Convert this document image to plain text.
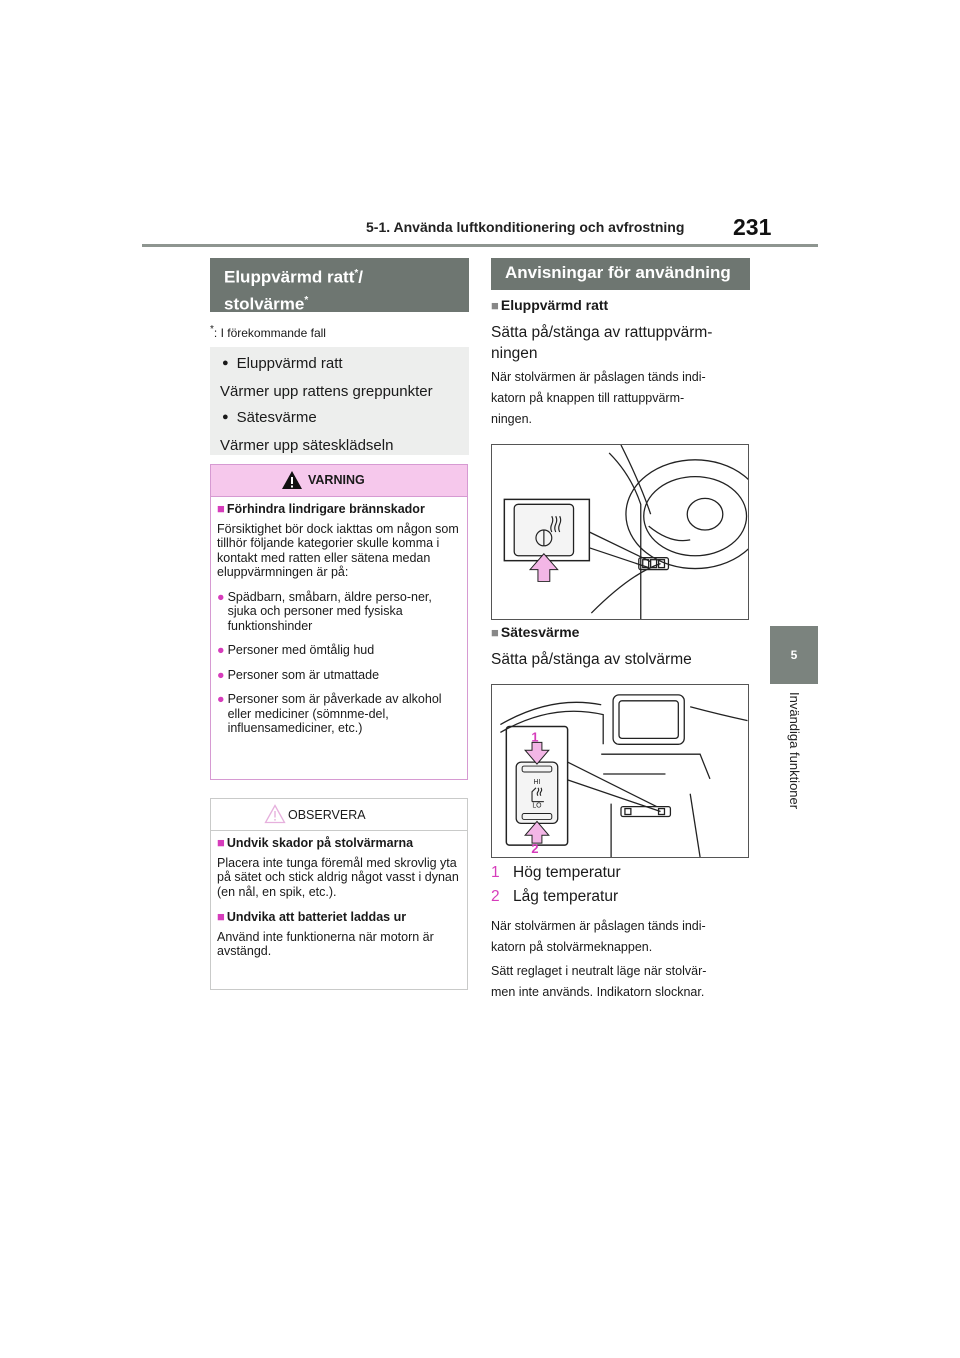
5-1. Använda luftkonditionering och avfrostning 231
5
Invändiga funktioner
Eluppvärmd ratt*/
stolvärme*
*: I förekommande fall
● Eluppvärmd ratt
Värmer upp rattens greppunkter
● Sätesvärme
Värmer upp sätesklädseln
VARNING
■ Förhindra lindrigare brännskador
Försiktighet bör dock iakttas om någon som tillhör följande kategorier skulle komma i kontakt med ratten eller sätena medan eluppvärmningen är på:
● Spädbarn, småbarn, äldre perso-ner, sjuka och personer med fysiska funktionshinder
● Personer med ömtålig hud
● Personer som är utmattade
● Personer som är påverkade av alkohol eller mediciner (sömnme-del, influensamediciner, etc.)
OBSERVERA
■ Undvik skador på stolvärmarna
Placera inte tunga föremål med skrovlig yta på sätet och stick aldrig något vasst i dynan (en nål, en spik, etc.).
■ Undvika att batteriet laddas ur
Använd inte funktionerna när motorn är avstängd.
Anvisningar för användning
■ Eluppvärmd ratt
Sätta på/stänga av rattuppvärm-
ningen
När stolvärmen är påslagen tänds indi-
katorn på knappen till rattuppvärm-
ningen.
■ Sätesvärme
Sätta på/stänga av stolvärme
HI
LO
1
2
1 Hög temperatur
2 Låg temperatur
När stolvärmen är påslagen tänds indi-
katorn på stolvärmeknappen.
Sätt reglaget i neutralt läge när stolvär-
men inte används. Indikatorn slocknar.
